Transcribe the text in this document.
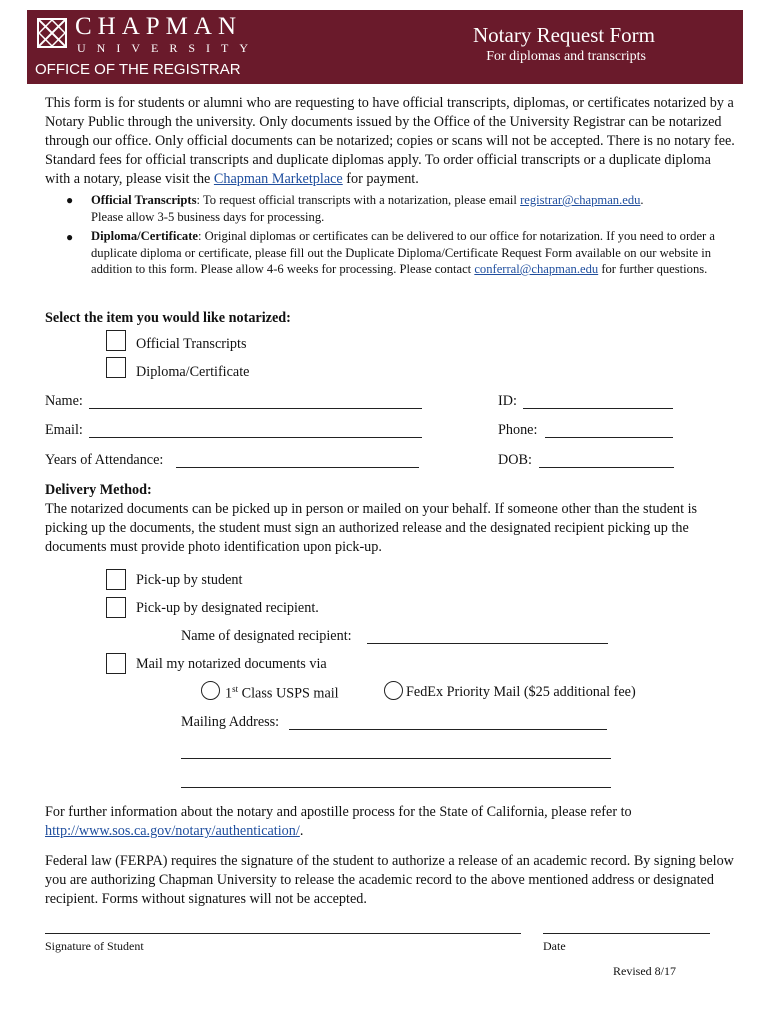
CHAPMAN
UNIVERSITY
OFFICE OF THE REGISTRAR
Notary Request Form
For diplomas and transcripts
This form is for students or alumni who are requesting to have official transcripts, diplomas, or certificates notarized by a Notary Public through the university. Only documents issued by the Office of the University Registrar can be notarized through our office. Only official documents can be notarized; copies or scans will not be accepted. There is no notary fee. Standard fees for official transcripts and duplicate diplomas apply. To order official transcripts or a duplicate diploma with a notary, please visit the Chapman Marketplace for payment.
● Official Transcripts: To request official transcripts with a notarization, please email registrar@chapman.edu.
Please allow 3-5 business days for processing.
● Diploma/Certificate: Original diplomas or certificates can be delivered to our office for notarization. If you need to order a duplicate diploma or certificate, please fill out the Duplicate Diploma/Certificate Request Form available on our website in addition to this form. Please allow 4-6 weeks for processing. Please contact conferral@chapman.edu for further questions.
Select the item you would like notarized:
Official Transcripts
Diploma/Certificate
Name:	ID:
Email:	Phone:
Years of Attendance:	DOB:
Delivery Method:
The notarized documents can be picked up in person or mailed on your behalf. If someone other than the student is picking up the documents, the student must sign an authorized release and the designated recipient picking up the documents must provide photo identification upon pick-up.
Pick-up by student
Pick-up by designated recipient.
Name of designated recipient:
Mail my notarized documents via
1st Class USPS mail	FedEx Priority Mail ($25 additional fee)
Mailing Address:
For further information about the notary and apostille process for the State of California, please refer to
http://www.sos.ca.gov/notary/authentication/.
Federal law (FERPA) requires the signature of the student to authorize a release of an academic record. By signing below you are authorizing Chapman University to release the academic record to the above mentioned address or designated recipient. Forms without signatures will not be accepted.
Signature of Student	Date
Revised 8/17
